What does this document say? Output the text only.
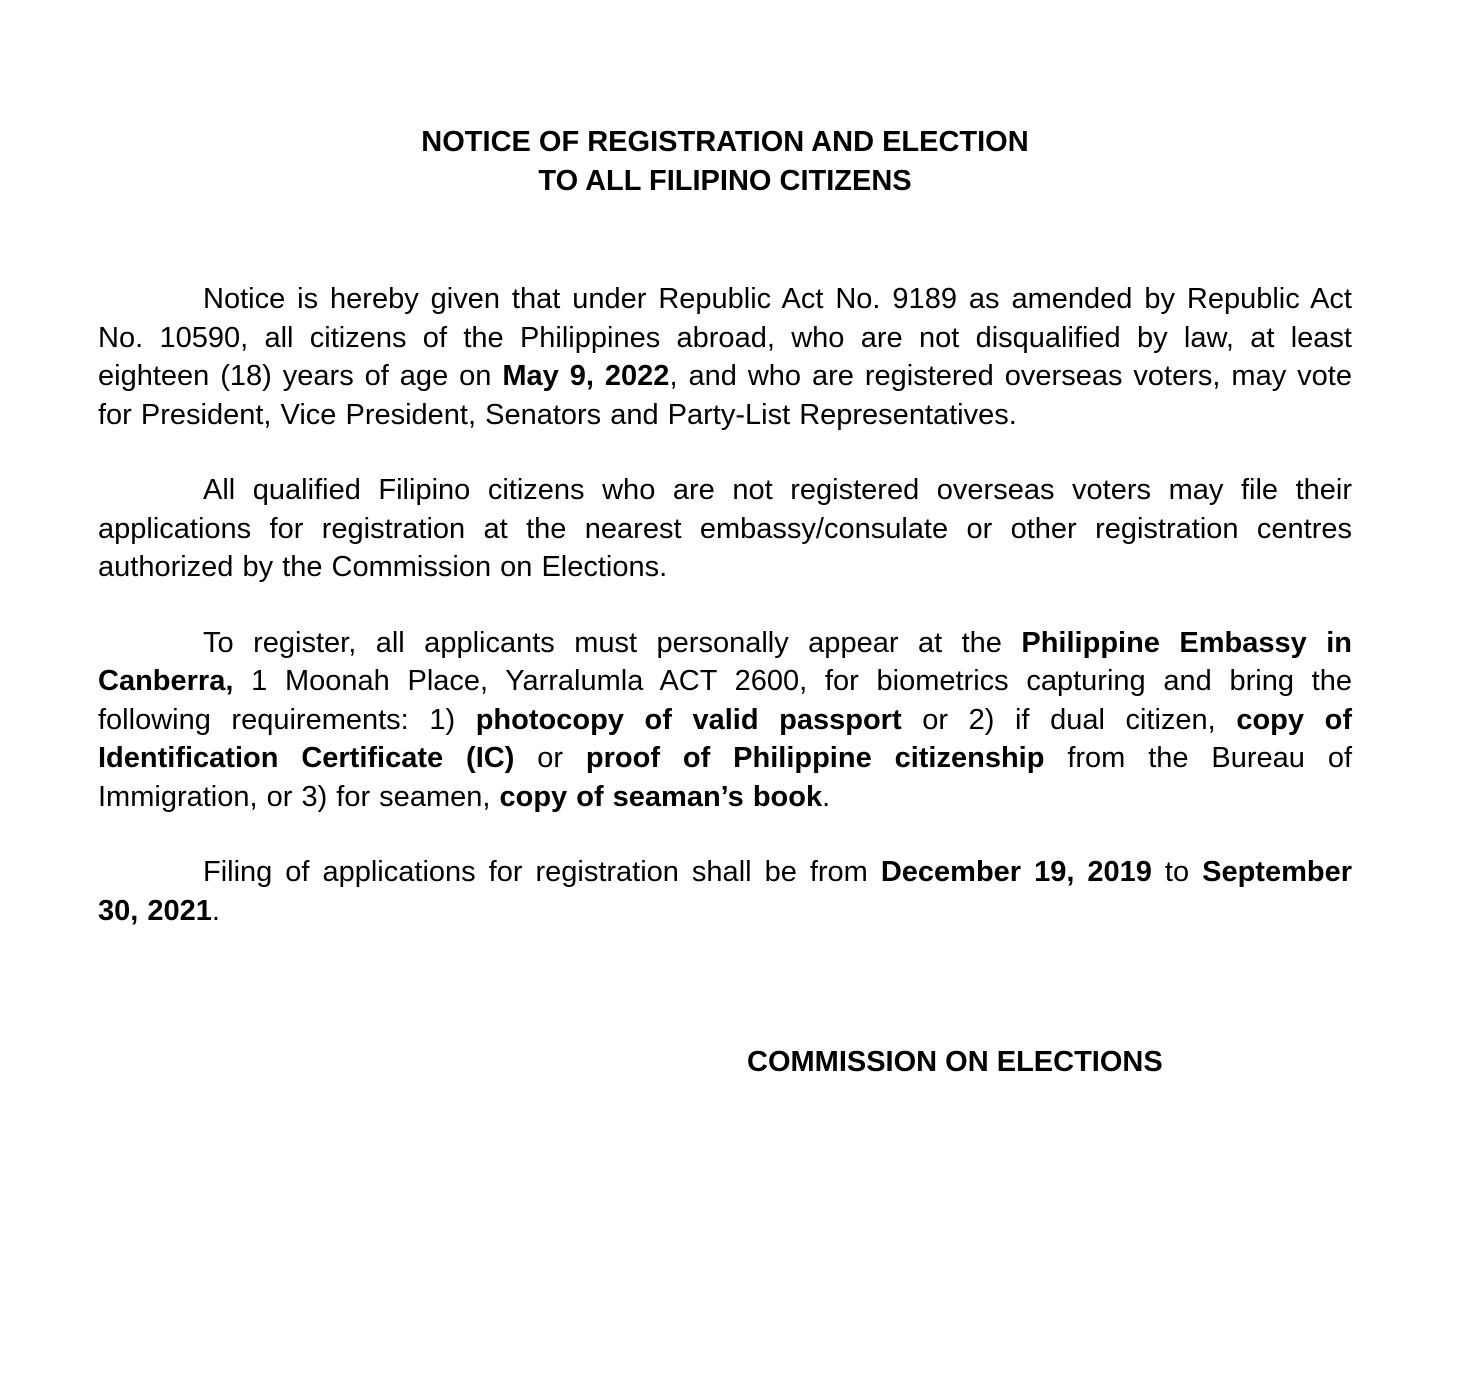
NOTICE OF REGISTRATION AND ELECTION
TO ALL FILIPINO CITIZENS

Notice is hereby given that under Republic Act No. 9189 as amended by Republic Act No. 10590, all citizens of the Philippines abroad, who are not disqualified by law, at least eighteen (18) years of age on May 9, 2022, and who are registered overseas voters, may vote for President, Vice President, Senators and Party-List Representatives.

All qualified Filipino citizens who are not registered overseas voters may file their applications for registration at the nearest embassy/consulate or other registration centres authorized by the Commission on Elections.

To register, all applicants must personally appear at the Philippine Embassy in Canberra, 1 Moonah Place, Yarralumla ACT 2600, for biometrics capturing and bring the following requirements: 1) photocopy of valid passport or 2) if dual citizen, copy of Identification Certificate (IC) or proof of Philippine citizenship from the Bureau of Immigration, or 3) for seamen, copy of seaman’s book.

Filing of applications for registration shall be from December 19, 2019 to September 30, 2021.

COMMISSION ON ELECTIONS
